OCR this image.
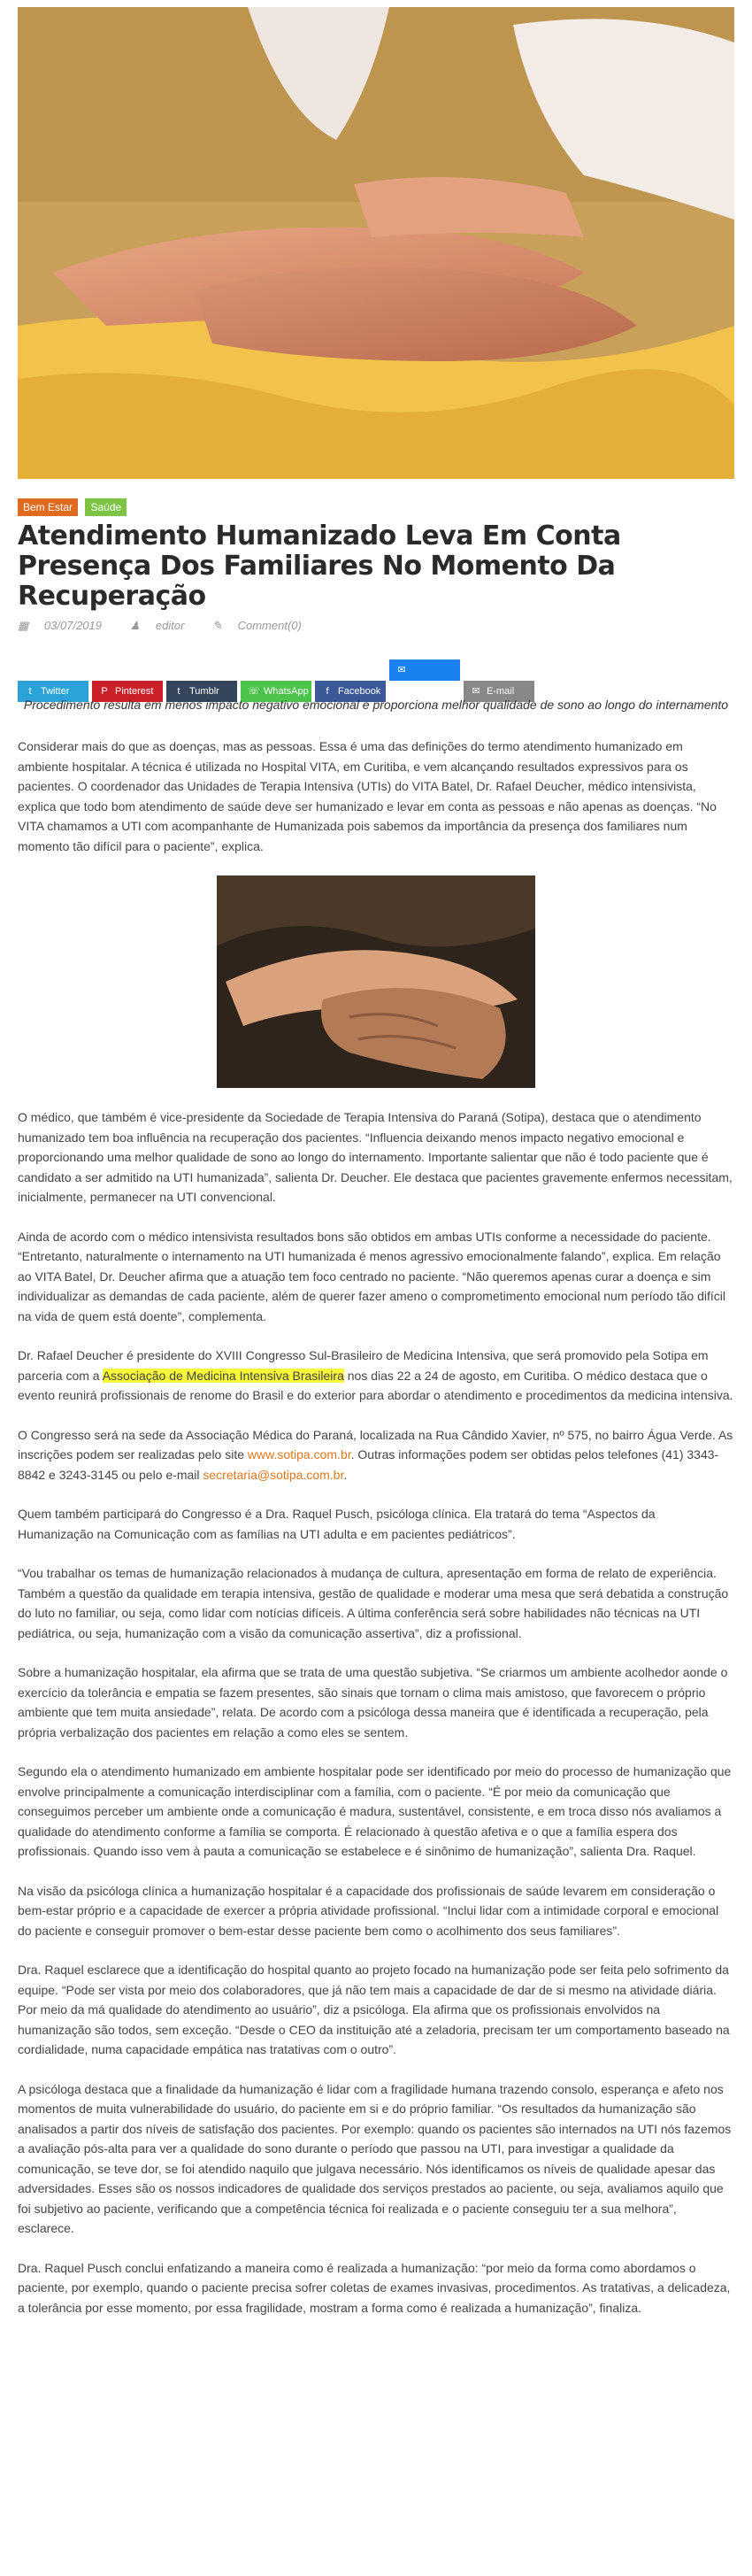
Bem Estar Saúde
Atendimento Humanizado Leva Em Conta Presença Dos Familiares No Momento Da Recuperação
▦ 03/07/2019 ♟ editor ✎ Comment(0)
t Twitter	P Pinterest t Tumblr	☏ WhatsApp f Facebook✉Messenger	✉ E-mail
Procedimento resulta em menos impacto negativo emocional e proporciona melhor qualidade de sono ao longo do internamento

Considerar mais do que as doenças, mas as pessoas. Essa é uma das definições do termo atendimento humanizado em ambiente hospitalar. A técnica é utilizada no Hospital VITA, em Curitiba, e vem alcançando resultados expressivos para os pacientes. O coordenador das Unidades de Terapia Intensiva (UTIs) do VITA Batel, Dr. Rafael Deucher, médico intensivista, explica que todo bom atendimento de saúde deve ser humanizado e levar em conta as pessoas e não apenas as doenças. “No VITA chamamos a UTI com acompanhante de Humanizada pois sabemos da importância da presença dos familiares num momento tão difícil para o paciente”, explica.

O médico, que também é vice-presidente da Sociedade de Terapia Intensiva do Paraná (Sotipa), destaca que o atendimento humanizado tem boa influência na recuperação dos pacientes. “Influencia deixando menos impacto negativo emocional e proporcionando uma melhor qualidade de sono ao longo do internamento. Importante salientar que não é todo paciente que é candidato a ser admitido na UTI humanizada”, salienta Dr. Deucher. Ele destaca que pacientes gravemente enfermos necessitam, inicialmente, permanecer na UTI convencional.

Ainda de acordo com o médico intensivista resultados bons são obtidos em ambas UTIs conforme a necessidade do paciente. “Entretanto, naturalmente o internamento na UTI humanizada é menos agressivo emocionalmente falando”, explica. Em relação ao VITA Batel, Dr. Deucher afirma que a atuação tem foco centrado no paciente. “Não queremos apenas curar a doença e sim individualizar as demandas de cada paciente, além de querer fazer ameno o comprometimento emocional num período tão difícil na vida de quem está doente”, complementa.

Dr. Rafael Deucher é presidente do XVIII Congresso Sul-Brasileiro de Medicina Intensiva, que será promovido pela Sotipa em parceria com a Associação de Medicina Intensiva Brasileira nos dias 22 a 24 de agosto, em Curitiba. O médico destaca que o evento reunirá profissionais de renome do Brasil e do exterior para abordar o atendimento e procedimentos da medicina intensiva.

O Congresso será na sede da Associação Médica do Paraná, localizada na Rua Cândido Xavier, nº 575, no bairro Água Verde. As inscrições podem ser realizadas pelo site www.sotipa.com.br. Outras informações podem ser obtidas pelos telefones (41) 3343-8842 e 3243-3145 ou pelo e-mail secretaria@sotipa.com.br.

Quem também participará do Congresso é a Dra. Raquel Pusch, psicóloga clínica. Ela tratará do tema “Aspectos da Humanização na Comunicação com as famílias na UTI adulta e em pacientes pediátricos”.

“Vou trabalhar os temas de humanização relacionados à mudança de cultura, apresentação em forma de relato de experiência. Também a questão da qualidade em terapia intensiva, gestão de qualidade e moderar uma mesa que será debatida a construção do luto no familiar, ou seja, como lidar com notícias difíceis. A última conferência será sobre habilidades não técnicas na UTI pediátrica, ou seja, humanização com a visão da comunicação assertiva”, diz a profissional.

Sobre a humanização hospitalar, ela afirma que se trata de uma questão subjetiva. “Se criarmos um ambiente acolhedor aonde o exercício da tolerância e empatia se fazem presentes, são sinais que tornam o clima mais amistoso, que favorecem o próprio ambiente que tem muita ansiedade”, relata. De acordo com a psicóloga dessa maneira que é identificada a recuperação, pela própria verbalização dos pacientes em relação a como eles se sentem.

Segundo ela o atendimento humanizado em ambiente hospitalar pode ser identificado por meio do processo de humanização que envolve principalmente a comunicação interdisciplinar com a família, com o paciente. “É por meio da comunicação que conseguimos perceber um ambiente onde a comunicação é madura, sustentável, consistente, e em troca disso nós avaliamos a qualidade do atendimento conforme a família se comporta. É relacionado à questão afetiva e o que a família espera dos profissionais. Quando isso vem à pauta a comunicação se estabelece e é sinônimo de humanização”, salienta Dra. Raquel.

Na visão da psicóloga clínica a humanização hospitalar é a capacidade dos profissionais de saúde levarem em consideração o bem-estar próprio e a capacidade de exercer a própria atividade profissional. “Inclui lidar com a intimidade corporal e emocional do paciente e conseguir promover o bem-estar desse paciente bem como o acolhimento dos seus familiares”.

Dra. Raquel esclarece que a identificação do hospital quanto ao projeto focado na humanização pode ser feita pelo sofrimento da equipe. “Pode ser vista por meio dos colaboradores, que já não tem mais a capacidade de dar de si mesmo na atividade diária. Por meio da má qualidade do atendimento ao usuário”, diz a psicóloga. Ela afirma que os profissionais envolvidos na humanização são todos, sem exceção. “Desde o CEO da instituição até a zeladoria, precisam ter um comportamento baseado na cordialidade, numa capacidade empática nas tratativas com o outro”.

A psicóloga destaca que a finalidade da humanização é lidar com a fragilidade humana trazendo consolo, esperança e afeto nos momentos de muita vulnerabilidade do usuário, do paciente em si e do próprio familiar. “Os resultados da humanização são analisados a partir dos níveis de satisfação dos pacientes. Por exemplo: quando os pacientes são internados na UTI nós fazemos a avaliação pós-alta para ver a qualidade do sono durante o período que passou na UTI, para investigar a qualidade da comunicação, se teve dor, se foi atendido naquilo que julgava necessário. Nós identificamos os níveis de qualidade apesar das adversidades. Esses são os nossos indicadores de qualidade dos serviços prestados ao paciente, ou seja, avaliamos aquilo que foi subjetivo ao paciente, verificando que a competência técnica foi realizada e o paciente conseguiu ter a sua melhora”, esclarece.

Dra. Raquel Pusch conclui enfatizando a maneira como é realizada a humanização: “por meio da forma como abordamos o paciente, por exemplo, quando o paciente precisa sofrer coletas de exames invasivas, procedimentos. As tratativas, a delicadeza, a tolerância por esse momento, por essa fragilidade, mostram a forma como é realizada a humanização”, finaliza.
